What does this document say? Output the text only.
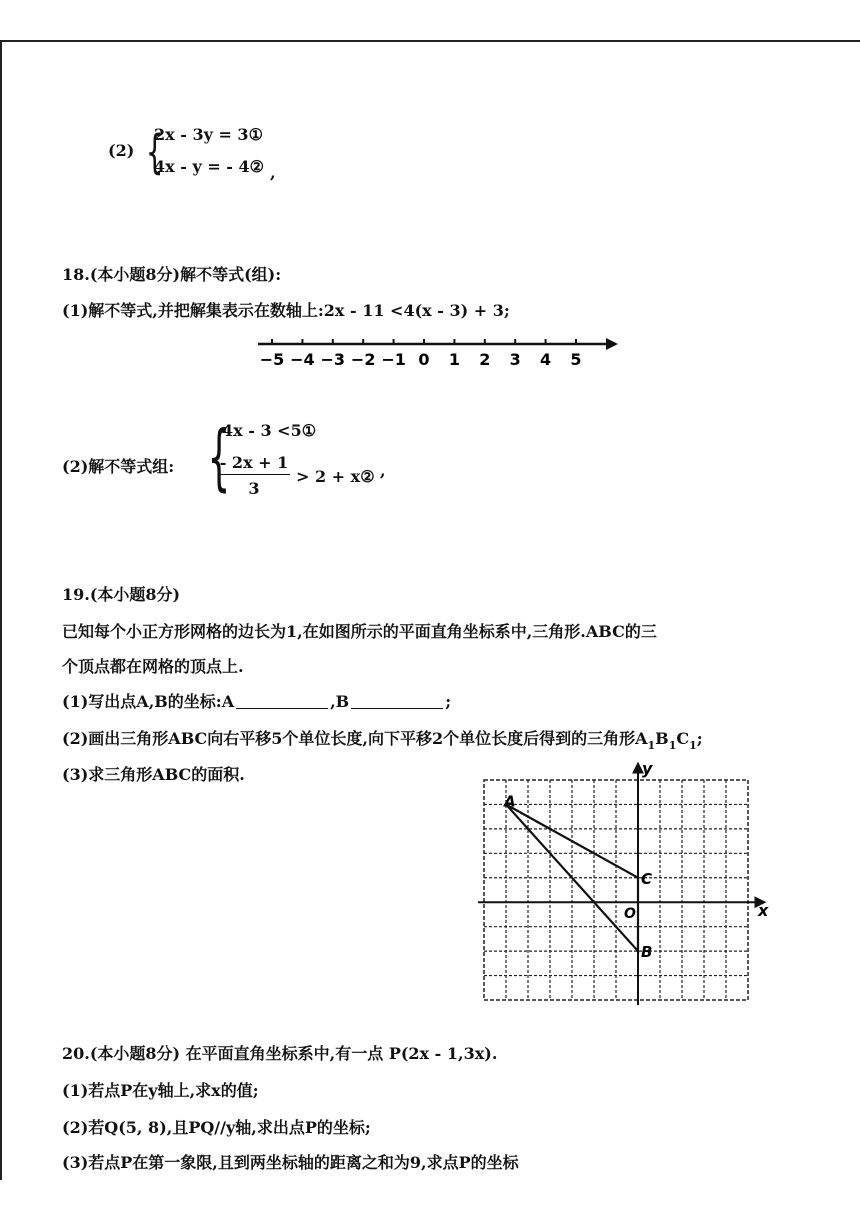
(2) {
2x - 3y = 3①
4x - y = - 4② ,
18.(本小题8分)解不等式(组):
(1)解不等式,并把解集表示在数轴上:2x - 11 <4(x - 3) + 3;
−5 −4 −3 −2 −1 0 1 2 3 4 5
(2)解不等式组: {
4x - 3 <5①
- 2x + 1
3
> 2 + x② ,
19.(本小题8分)
已知每个小正方形网格的边长为1,在如图所示的平面直角坐标系中,三角形.ABC的三
个顶点都在网格的顶点上.
(1)写出点A,B的坐标:A	,B	;
(2)画出三角形ABC向右平移5个单位长度,向下平移2个单位长度后得到的三角形$A_1B_1C_1$;
(3)求三角形ABC的面积.
A
B
C
O	x
y
20.(本小题8分) 在平面直角坐标系中,有一点 P(2x - 1,3x).
(1)若点P在y轴上,求x的值;
(2)若Q(5, 8),且PQ//y轴,求出点P的坐标;
(3)若点P在第一象限,且到两坐标轴的距离之和为9,求点P的坐标
